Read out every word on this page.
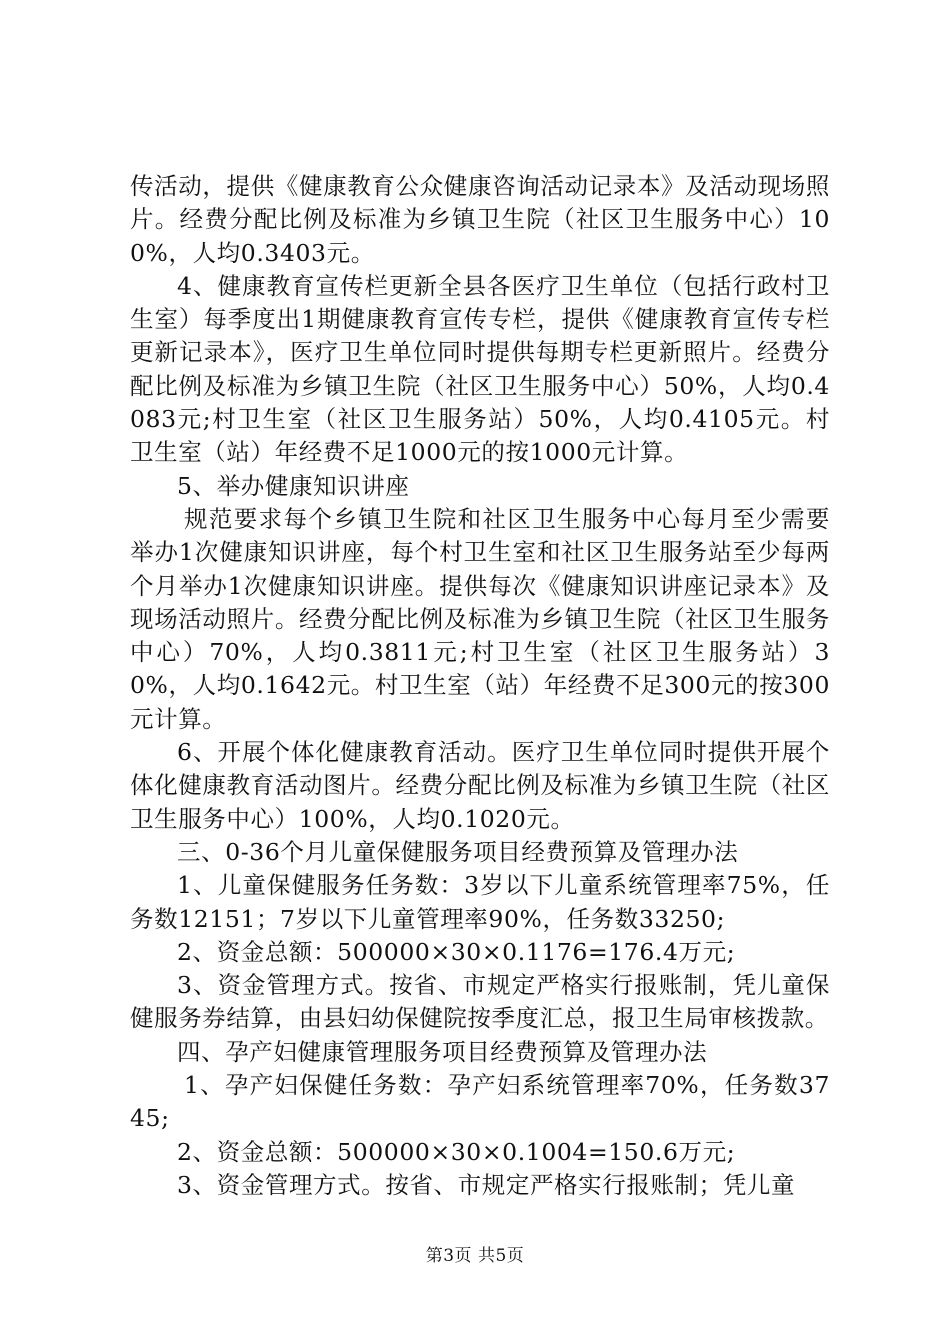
传活动，提供《健康教育公众健康咨询活动记录本》及活动现场照片。经费分配比例及标准为乡镇卫生院（社区卫生服务中心）100%，人均0.3403元。

4、健康教育宣传栏更新全县各医疗卫生单位（包括行政村卫生室）每季度出1期健康教育宣传专栏，提供《健康教育宣传专栏更新记录本》，医疗卫生单位同时提供每期专栏更新照片。经费分配比例及标准为乡镇卫生院（社区卫生服务中心）50%，人均0.4083元;村卫生室（社区卫生服务站）50%，人均0.4105元。村卫生室（站）年经费不足1000元的按1000元计算。

5、举办健康知识讲座

规范要求每个乡镇卫生院和社区卫生服务中心每月至少需要举办1次健康知识讲座，每个村卫生室和社区卫生服务站至少每两个月举办1次健康知识讲座。提供每次《健康知识讲座记录本》及现场活动照片。经费分配比例及标准为乡镇卫生院（社区卫生服务中心）70%，人均0.3811元;村卫生室（社区卫生服务站）30%，人均0.1642元。村卫生室（站）年经费不足300元的按300元计算。

6、开展个体化健康教育活动。医疗卫生单位同时提供开展个体化健康教育活动图片。经费分配比例及标准为乡镇卫生院（社区卫生服务中心）100%，人均0.1020元。

三、0-36个月儿童保健服务项目经费预算及管理办法

1、儿童保健服务任务数：3岁以下儿童系统管理率75%，任务数12151；7岁以下儿童管理率90%，任务数33250;

2、资金总额：500000×30×0.1176=176.4万元;

3、资金管理方式。按省、市规定严格实行报账制，凭儿童保健服务券结算，由县妇幼保健院按季度汇总，报卫生局审核拨款。

四、孕产妇健康管理服务项目经费预算及管理办法

1、孕产妇保健任务数：孕产妇系统管理率70%，任务数3745;

2、资金总额：500000×30×0.1004=150.6万元;

3、资金管理方式。按省、市规定严格实行报账制；凭儿童

第3页 共5页
